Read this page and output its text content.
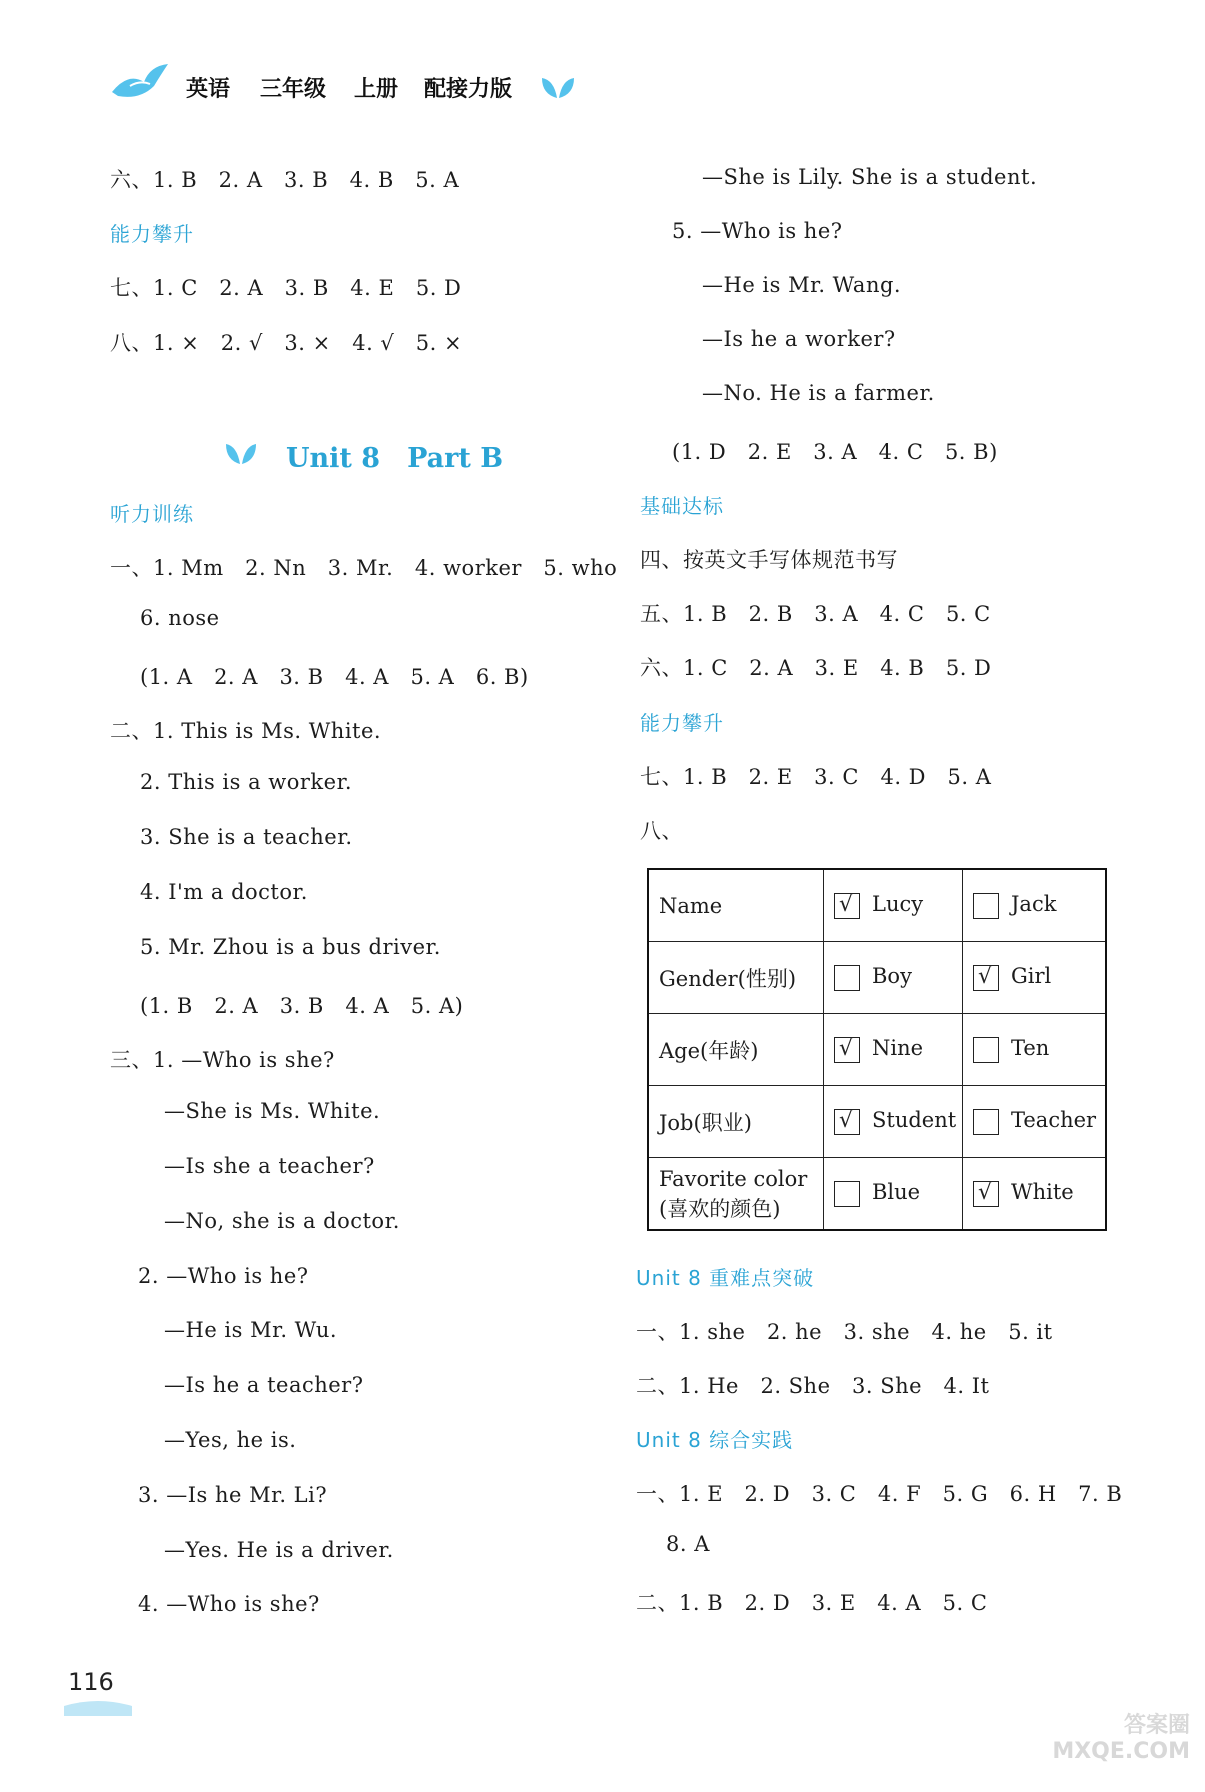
英语 三年级 上册 配接力版
六、1. B　2. A　3. B　4. B　5. A
能力攀升
七、1. C　2. A　3. B　4. E　5. D
八、1. ×　2. √　3. ×　4. √　5. ×
Unit 8　Part B
听力训练
一、1. Mm　2. Nn　3. Mr.　4. worker　5. who
6. nose
(1. A　2. A　3. B　4. A　5. A　6. B)
二、1. This is Ms. White.
2. This is a worker.
3. She is a teacher.
4. I'm a doctor.
5. Mr. Zhou is a bus driver.
(1. B　2. A　3. B　4. A　5. A)
三、1. —Who is she?
—She is Ms. White.
—Is she a teacher?
—No, she is a doctor.
2. —Who is he?
—He is Mr. Wu.
—Is he a teacher?
—Yes, he is.
3. —Is he Mr. Li?
—Yes. He is a driver.
4. —Who is she?
—She is Lily. She is a student.
5. —Who is he?
—He is Mr. Wang.
—Is he a worker?
—No. He is a farmer.
(1. D　2. E　3. A　4. C　5. B)
基础达标
四、按英文手写体规范书写
五、1. B　2. B　3. A　4. C　5. C
六、1. C　2. A　3. E　4. B　5. D
能力攀升
七、1. B　2. E　3. C　4. D　5. A
八、
Name	√Lucy	Jack
Gender(性别)	Boy	√Girl
Age(年龄)	√Nine	Ten
Job(职业)	√Student	Teacher

Favorite color
(喜欢的颜色)	Blue	√White
Unit 8 重难点突破
一、1. she　2. he　3. she　4. he　5. it
二、1. He　2. She　3. She　4. It
Unit 8 综合实践
一、1. E　2. D　3. C　4. F　5. G　6. H　7. B
8. A
二、1. B　2. D　3. E　4. A　5. C
116
答案圈 MXQE.COM
